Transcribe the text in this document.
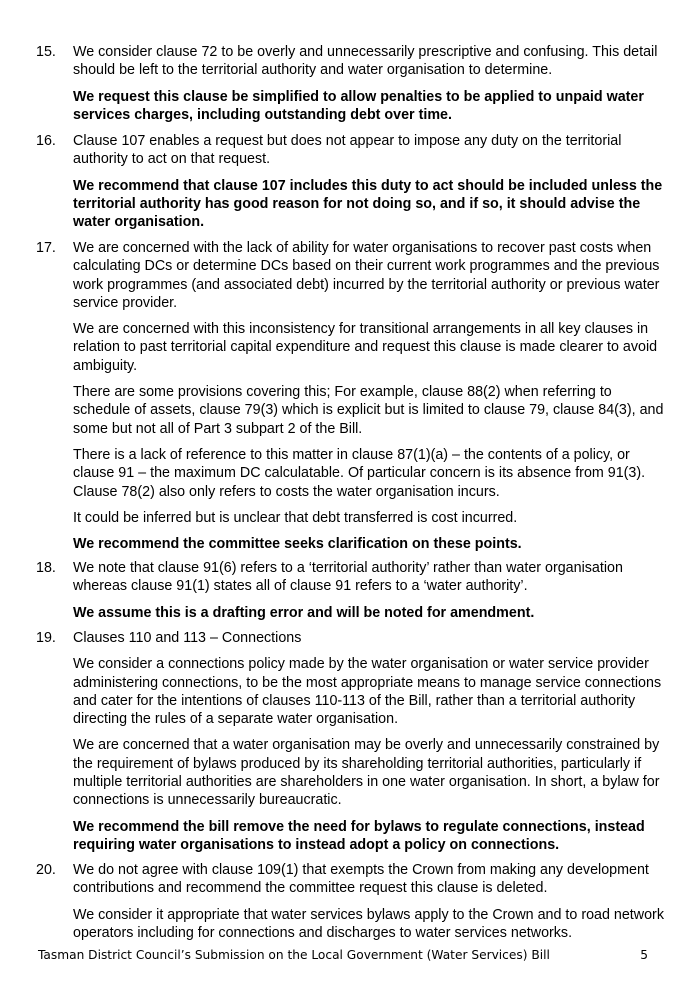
15. We consider clause 72 to be overly and unnecessarily prescriptive and confusing. This detail should be left to the territorial authority and water organisation to determine.

We request this clause be simplified to allow penalties to be applied to unpaid water services charges, including outstanding debt over time.

16. Clause 107 enables a request but does not appear to impose any duty on the territorial authority to act on that request.

We recommend that clause 107 includes this duty to act should be included unless the territorial authority has good reason for not doing so, and if so, it should advise the water organisation.

17. We are concerned with the lack of ability for water organisations to recover past costs when calculating DCs or determine DCs based on their current work programmes and the previous work programmes (and associated debt) incurred by the territorial authority or previous water service provider.

We are concerned with this inconsistency for transitional arrangements in all key clauses in relation to past territorial capital expenditure and request this clause is made clearer to avoid ambiguity.

There are some provisions covering this; For example, clause 88(2) when referring to schedule of assets, clause 79(3) which is explicit but is limited to clause 79, clause 84(3), and some but not all of Part 3 subpart 2 of the Bill.

There is a lack of reference to this matter in clause 87(1)(a) – the contents of a policy, or clause 91 – the maximum DC calculatable. Of particular concern is its absence from 91(3). Clause 78(2) also only refers to costs the water organisation incurs.

It could be inferred but is unclear that debt transferred is cost incurred.

We recommend the committee seeks clarification on these points.

18. We note that clause 91(6) refers to a ‘territorial authority’ rather than water organisation whereas clause 91(1) states all of clause 91 refers to a ‘water authority’.

We assume this is a drafting error and will be noted for amendment.

19. Clauses 110 and 113 – Connections

We consider a connections policy made by the water organisation or water service provider administering connections, to be the most appropriate means to manage service connections and cater for the intentions of clauses 110-113 of the Bill, rather than a territorial authority directing the rules of a separate water organisation.

We are concerned that a water organisation may be overly and unnecessarily constrained by the requirement of bylaws produced by its shareholding territorial authorities, particularly if multiple territorial authorities are shareholders in one water organisation. In short, a bylaw for connections is unnecessarily bureaucratic.

We recommend the bill remove the need for bylaws to regulate connections, instead requiring water organisations to instead adopt a policy on connections.

20. We do not agree with clause 109(1) that exempts the Crown from making any development contributions and recommend the committee request this clause is deleted.

We consider it appropriate that water services bylaws apply to the Crown and to road network operators including for connections and discharges to water services networks.

Tasman District Council’s Submission on the Local Government (Water Services) Bill	5
